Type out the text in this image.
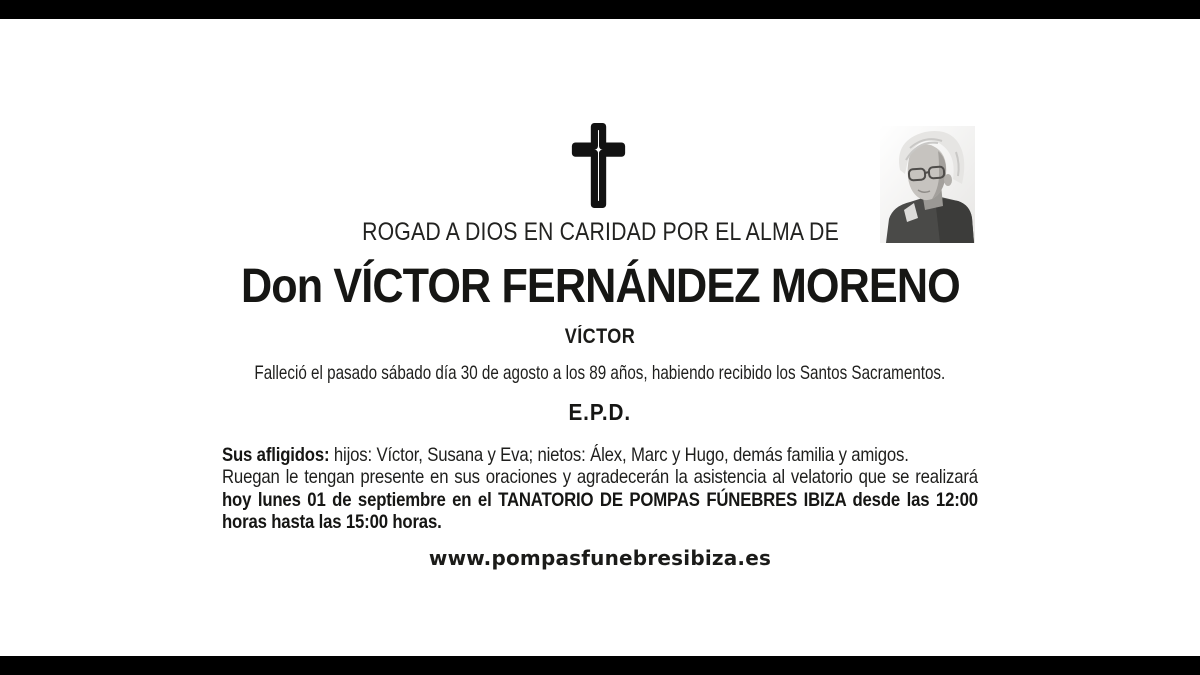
ROGAD A DIOS EN CARIDAD POR EL ALMA DE
Don VÍCTOR FERNÁNDEZ MORENO
VÍCTOR
Falleció el pasado sábado día 30 de agosto a los 89 años, habiendo recibido los Santos Sacramentos.
E.P.D.

Sus afligidos: hijos: Víctor, Susana y Eva; nietos: Álex, Marc y Hugo, demás familia y amigos.

Ruegan le tengan presente en sus oraciones y agradecerán la asistencia al velatorio que se realizará hoy lunes 01 de septiembre en el TANATORIO DE POMPAS FÚNEBRES IBIZA desde las 12:00 horas hasta las 15:00 horas.

www.pompasfunebresibiza.es
